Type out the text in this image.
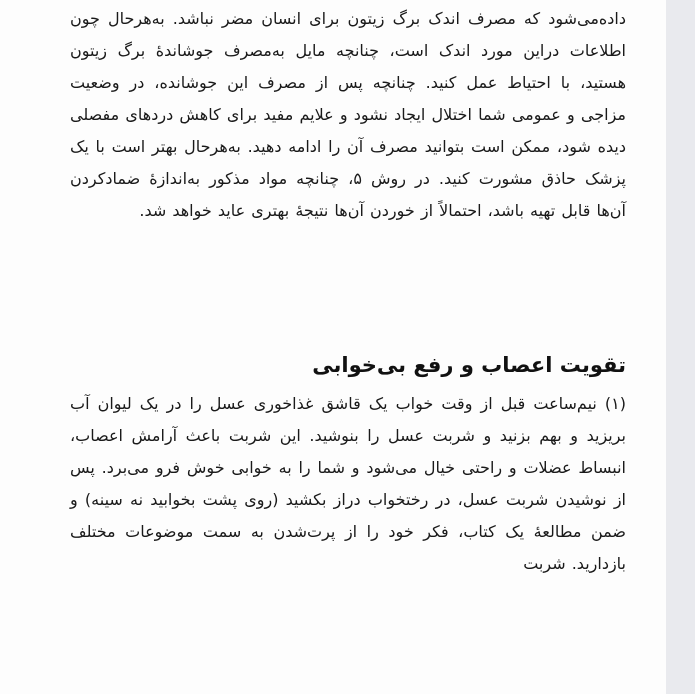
داده‌می‌شود که مصرف اندک برگ زیتون برای انسان مضر نباشد. به‌هرحال چون اطلاعات دراین مورد اندک است، چنانچه مایل به‌مصرف جوشاندهٔ برگ زیتون هستید، با احتیاط عمل کنید. چنانچه پس از مصرف این جوشانده، در وضعیت مزاجی و عمومی شما اختلال ایجاد نشود و علایم مفید برای کاهش دردهای مفصلی دیده شود، ممکن است بتوانید مصرف آن را ادامه دهید. به‌هرحال بهتر است با یک پزشک حاذق مشورت کنید. در روش ۵، چنانچه مواد مذکور به‌اندازهٔ ضمادکردن آن‌ها قابل تهیه باشد، احتمالاً از خوردن آن‌ها نتیجهٔ بهتری عاید خواهد شد.

تقویت اعصاب و رفع بی‌خوابی

(۱) نیم‌ساعت قبل از وقت خواب یک قاشق غذاخوری عسل را در یک لیوان آب بریزید و بهم بزنید و شربت عسل را بنوشید. این شربت باعث آرامش اعصاب، انبساط عضلات و راحتی خیال می‌شود و شما را به خوابی خوش فرو می‌برد. پس از نوشیدن شربت عسل، در رختخواب دراز بکشید (روی پشت بخوابید نه سینه) و ضمن مطالعهٔ یک کتاب، فکر خود را از پرت‌شدن به سمت موضوعات مختلف بازدارید. شربت
